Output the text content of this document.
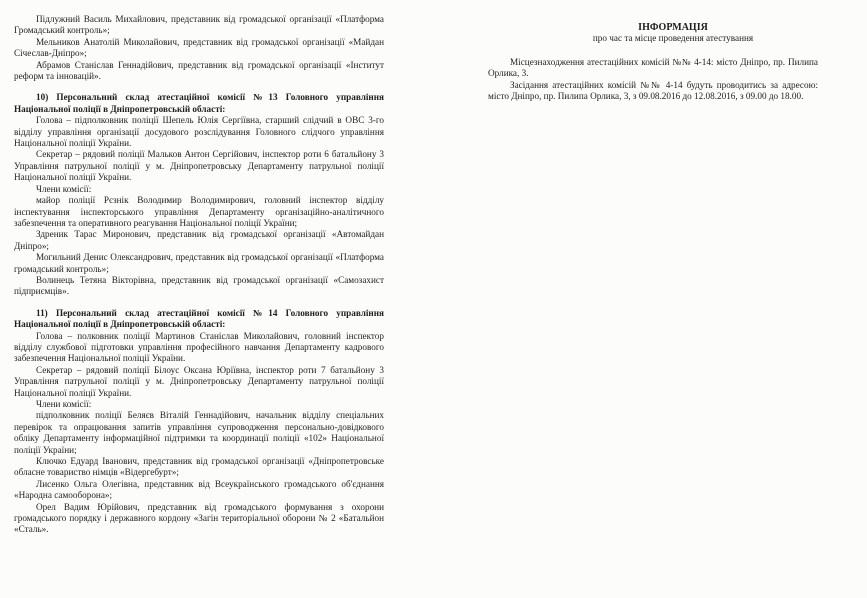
Підлужний Василь Михайлович, представник від громадської організації «Платформа Громадський контроль»;

Мельников Анатолій Миколайович, представник від громадської організації «Майдан Січеслав-Дніпро»;

Абрамов Станіслав Геннадійович, представник від громадської організації «Інститут реформ та інновацій».

10) Персональний склад атестаційної комісії №13 Головного управління Національної поліції в Дніпропетровській області:

Голова – підполковник поліції Шепель Юлія Сергіївна, старший слідчий в ОВС 3-го відділу управління організації досудового розслідування Головного слідчого управління Національної поліції України.

Секретар – рядовий поліції Мальков Антон Сергійович, інспектор роти 6 батальйону 3 Управління патрульної поліції у м. Дніпропетровську Департаменту патрульної поліції Національної поліції України.

Члени комісії:

майор поліції Рєзнік Володимир Володимирович, головний інспектор відділу інспектування інспекторського управління Департаменту організаційно-аналітичного забезпечення та оперативного реагування Національної поліції України;

Здреник Тарас Миронович, представник від громадської організації «Автомайдан Дніпро»;

Могильний Денис Олександрович, представник від громадської організації «Платформа громадський контроль»;

Волинець Тетяна Вікторівна, представник від громадської організації «Самозахист підприємців».

11) Персональний склад атестаційної комісії №14 Головного управління Національної поліції в Дніпропетровській області:

Голова – полковник поліції Мартинов Станіслав Миколайович, головний інспектор відділу службової підготовки управління професійного навчання Департаменту кадрового забезпечення Національної поліції України.

Секретар – рядовий поліції Білоус Оксана Юріївна, інспектор роти 7 батальйону 3 Управління патрульної поліції у м. Дніпропетровську Департаменту патрульної поліції Національної поліції України.

Члени комісії:

підполковник поліції Беляєв Віталій Геннадійович, начальник відділу спеціальних перевірок та опрацювання запитів управління супроводження персонально-довідкового обліку Департаменту інформаційної підтримки та координації поліції «102» Національної поліції України;

Ключко Едуард Іванович, представник від громадської організації «Дніпропетровське обласне товариство німців «Відергебурт»;

Лисенко Ольга Олегівна, представник від Всеукраїнського громадського об'єднання «Народна самооборона»;

Орел Вадим Юрійович, представник від громадського формування з охорони громадського порядку і державного кордону «Загін територіальної оборони № 2 «Батальйон «Сталь».

ІНФОРМАЦІЯ

про час та місце проведення атестування

Місцезнаходження атестаційних комісій №№ 4-14: місто Дніпро, пр. Пилипа Орлика, 3.

Засідання атестаційних комісій №№ 4-14 будуть проводитись за адресою: місто Дніпро, пр. Пилипа Орлика, 3, з 09.08.2016 до 12.08.2016, з 09.00 до 18.00.
